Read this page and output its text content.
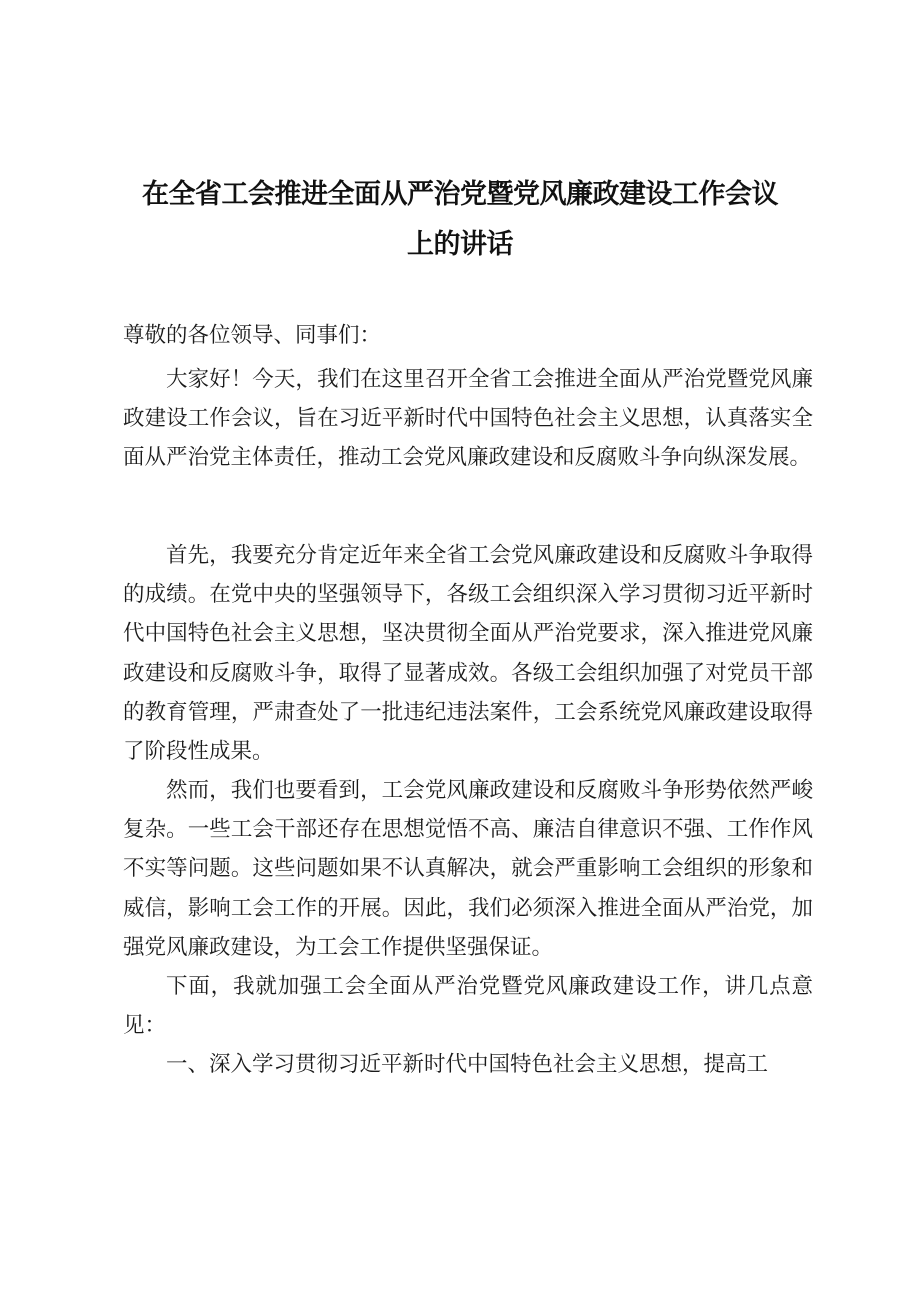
在全省工会推进全面从严治党暨党风廉政建设工作会议
上的讲话
尊敬的各位领导、同事们：
大家好！今天，我们在这里召开全省工会推进全面从严治党暨党风廉政建设工作会议，旨在习近平新时代中国特色社会主义思想，认真落实全面从严治党主体责任，推动工会党风廉政建设和反腐败斗争向纵深发展。
首先，我要充分肯定近年来全省工会党风廉政建设和反腐败斗争取得的成绩。在党中央的坚强领导下，各级工会组织深入学习贯彻习近平新时代中国特色社会主义思想，坚决贯彻全面从严治党要求，深入推进党风廉政建设和反腐败斗争，取得了显著成效。各级工会组织加强了对党员干部的教育管理，严肃查处了一批违纪违法案件，工会系统党风廉政建设取得了阶段性成果。
然而，我们也要看到，工会党风廉政建设和反腐败斗争形势依然严峻复杂。一些工会干部还存在思想觉悟不高、廉洁自律意识不强、工作作风不实等问题。这些问题如果不认真解决，就会严重影响工会组织的形象和威信，影响工会工作的开展。因此，我们必须深入推进全面从严治党，加强党风廉政建设，为工会工作提供坚强保证。
下面，我就加强工会全面从严治党暨党风廉政建设工作，讲几点意见：
一、深入学习贯彻习近平新时代中国特色社会主义思想，提高工
